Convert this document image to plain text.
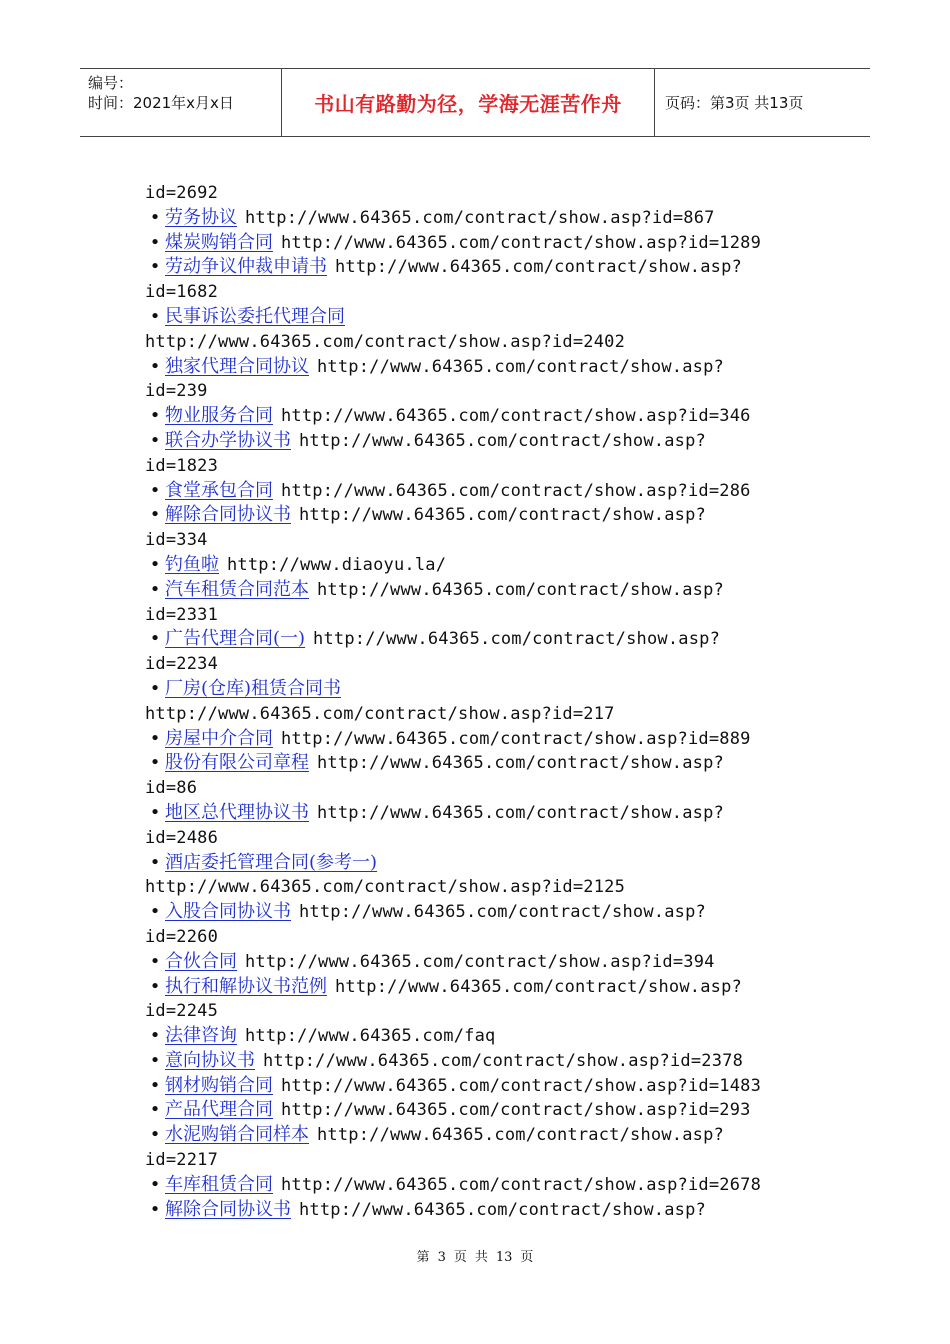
编号：
时间：2021年x月x日	书山有路勤为径，学海无涯苦作舟	页码：第3页 共13页
id=2692
• 劳务协议 http://www.64365.com/contract/show.asp?id=867
• 煤炭购销合同 http://www.64365.com/contract/show.asp?id=1289
• 劳动争议仲裁申请书 http://www.64365.com/contract/show.asp?
id=1682
• 民事诉讼委托代理合同
http://www.64365.com/contract/show.asp?id=2402
• 独家代理合同协议 http://www.64365.com/contract/show.asp?
id=239
• 物业服务合同 http://www.64365.com/contract/show.asp?id=346
• 联合办学协议书 http://www.64365.com/contract/show.asp?
id=1823
• 食堂承包合同 http://www.64365.com/contract/show.asp?id=286
• 解除合同协议书 http://www.64365.com/contract/show.asp?
id=334
• 钓鱼啦 http://www.diaoyu.la/
• 汽车租赁合同范本 http://www.64365.com/contract/show.asp?
id=2331
• 广告代理合同(一) http://www.64365.com/contract/show.asp?
id=2234
• 厂房(仓库)租赁合同书
http://www.64365.com/contract/show.asp?id=217
• 房屋中介合同 http://www.64365.com/contract/show.asp?id=889
• 股份有限公司章程 http://www.64365.com/contract/show.asp?
id=86
• 地区总代理协议书 http://www.64365.com/contract/show.asp?
id=2486
• 酒店委托管理合同(参考一)
http://www.64365.com/contract/show.asp?id=2125
• 入股合同协议书 http://www.64365.com/contract/show.asp?
id=2260
• 合伙合同 http://www.64365.com/contract/show.asp?id=394
• 执行和解协议书范例 http://www.64365.com/contract/show.asp?
id=2245
• 法律咨询 http://www.64365.com/faq
• 意向协议书 http://www.64365.com/contract/show.asp?id=2378
• 钢材购销合同 http://www.64365.com/contract/show.asp?id=1483
• 产品代理合同 http://www.64365.com/contract/show.asp?id=293
• 水泥购销合同样本 http://www.64365.com/contract/show.asp?
id=2217
• 车库租赁合同 http://www.64365.com/contract/show.asp?id=2678
• 解除合同协议书 http://www.64365.com/contract/show.asp?
第 3 页 共 13 页
